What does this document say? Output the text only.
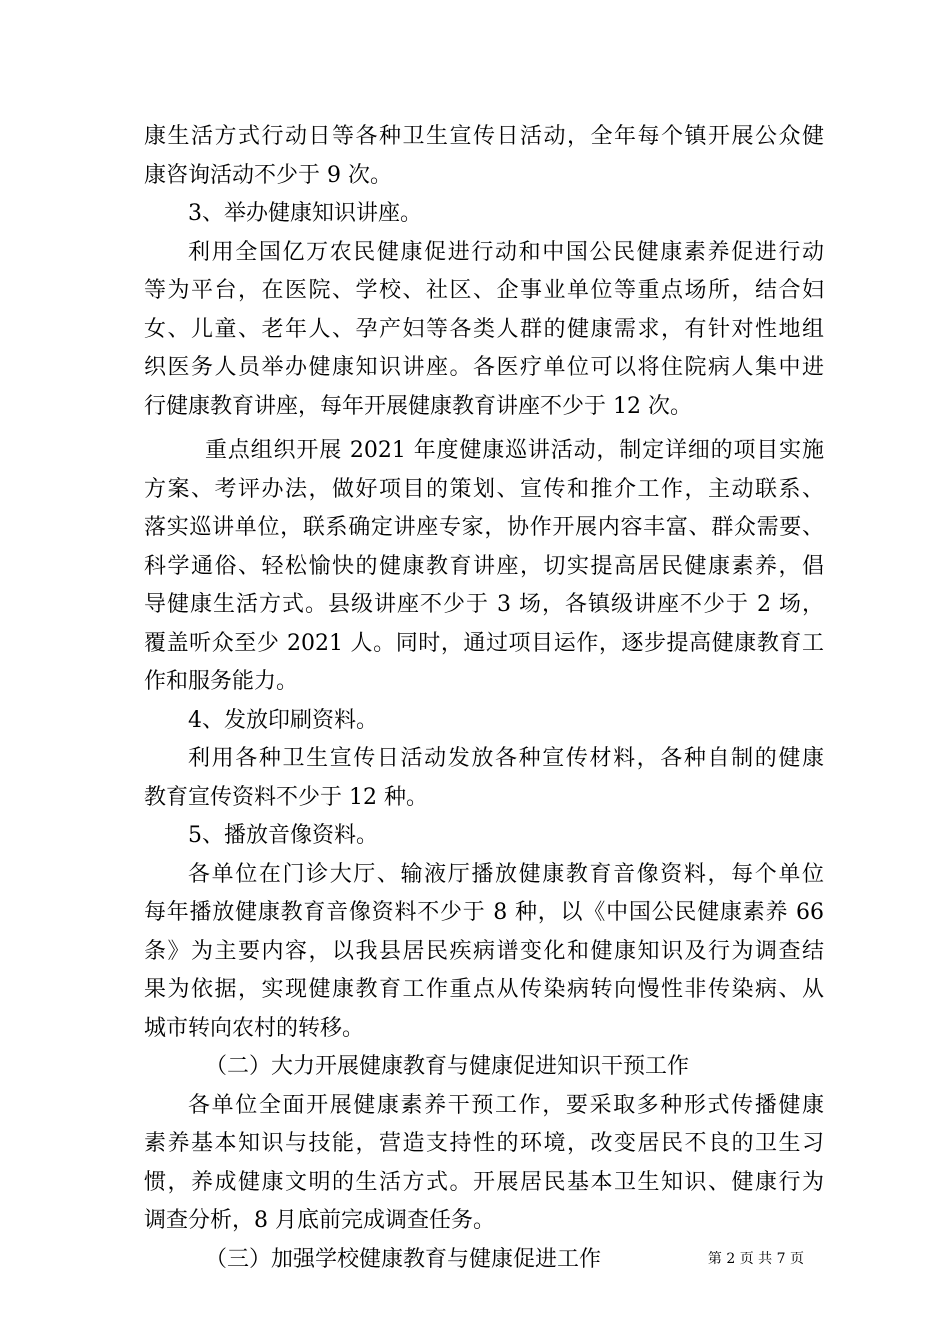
康生活方式行动日等各种卫生宣传日活动，全年每个镇开展公众健
康咨询活动不少于 9 次。
3、举办健康知识讲座。
利用全国亿万农民健康促进行动和中国公民健康素养促进行动
等为平台，在医院、学校、社区、企事业单位等重点场所，结合妇
女、儿童、老年人、孕产妇等各类人群的健康需求，有针对性地组
织医务人员举办健康知识讲座。各医疗单位可以将住院病人集中进
行健康教育讲座，每年开展健康教育讲座不少于 12 次。
重点组织开展 2021 年度健康巡讲活动，制定详细的项目实施
方案、考评办法，做好项目的策划、宣传和推介工作，主动联系、
落实巡讲单位，联系确定讲座专家，协作开展内容丰富、群众需要、
科学通俗、轻松愉快的健康教育讲座，切实提高居民健康素养，倡
导健康生活方式。县级讲座不少于 3 场，各镇级讲座不少于 2 场，
覆盖听众至少 2021 人。同时，通过项目运作，逐步提高健康教育工
作和服务能力。
4、发放印刷资料。
利用各种卫生宣传日活动发放各种宣传材料，各种自制的健康
教育宣传资料不少于 12 种。
5、播放音像资料。
各单位在门诊大厅、输液厅播放健康教育音像资料，每个单位
每年播放健康教育音像资料不少于 8 种，以《中国公民健康素养 66
条》为主要内容，以我县居民疾病谱变化和健康知识及行为调查结
果为依据，实现健康教育工作重点从传染病转向慢性非传染病、从
城市转向农村的转移。
（二）大力开展健康教育与健康促进知识干预工作
各单位全面开展健康素养干预工作，要采取多种形式传播健康
素养基本知识与技能，营造支持性的环境，改变居民不良的卫生习
惯，养成健康文明的生活方式。开展居民基本卫生知识、健康行为
调查分析，8 月底前完成调查任务。
（三）加强学校健康教育与健康促进工作	第 2 页 共 7 页
